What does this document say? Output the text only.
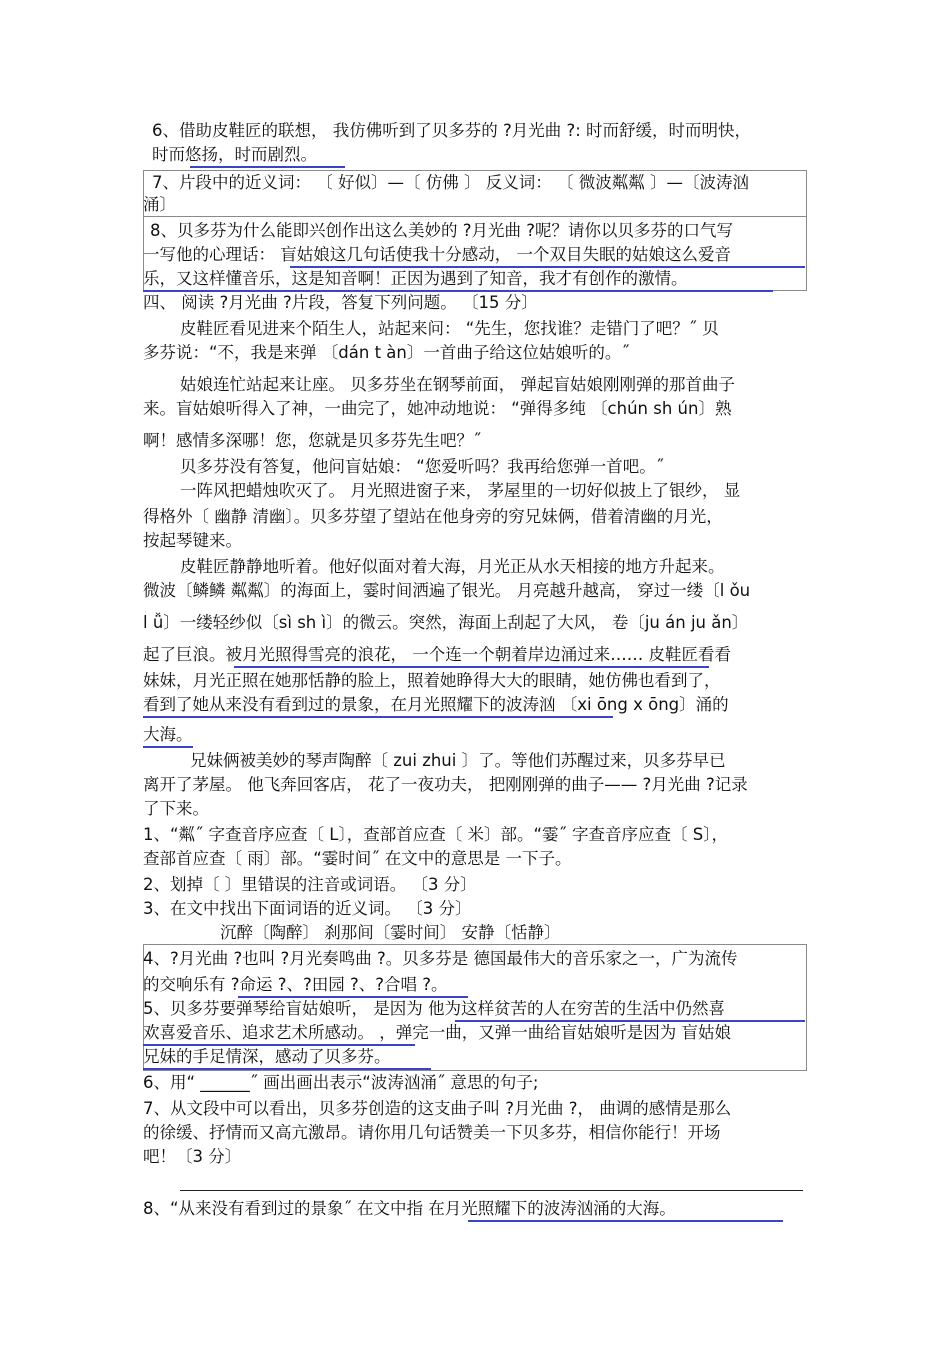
6、借助皮鞋匠的联想， 我仿佛听到了贝多芬的 ?月光曲 ?: 时而舒缓，时而明快，
时而悠扬，时而剧烈。
7、片段中的近义词： 〔 好似〕—〔 仿佛 〕 反义词： 〔 微波粼粼 〕—〔波涛汹
涌〕
8、贝多芬为什么能即兴创作出这么美妙的 ?月光曲 ?呢？请你以贝多芬的口气写
一写他的心理话： 盲姑娘这几句话使我十分感动， 一个双目失眠的姑娘这么爱音
乐，又这样懂音乐，这是知音啊！正因为遇到了知音，我才有创作的激情。
四、 阅读 ?月光曲 ?片段，答复下列问题。 〔15 分〕
皮鞋匠看见进来个陌生人，站起来问： “先生，您找谁？走错门了吧？˝ 贝
多芬说：“不，我是来弹 〔dán t àn〕一首曲子给这位姑娘听的。˝
姑娘连忙站起来让座。 贝多芬坐在钢琴前面， 弹起盲姑娘刚刚弹的那首曲子
来。盲姑娘听得入了神，一曲完了，她冲动地说： “弹得多纯 〔chún sh ún〕熟
啊！感情多深哪！您，您就是贝多芬先生吧？˝
贝多芬没有答复，他问盲姑娘： “您爱听吗？我再给您弹一首吧。˝
一阵风把蜡烛吹灭了。 月光照进窗子来， 茅屋里的一切好似披上了银纱， 显
得格外〔 幽静 清幽〕。贝多芬望了望站在他身旁的穷兄妹俩，借着清幽的月光，
按起琴键来。
皮鞋匠静静地听着。他好似面对着大海，月光正从水天相接的地方升起来。
微波〔鳞鳞 粼粼〕的海面上，霎时间洒遍了银光。 月亮越升越高， 穿过一缕〔l ǒu
l ǚ〕一缕轻纱似〔sì sh ì〕的微云。突然，海面上刮起了大风， 卷〔ju án ju ǎn〕
起了巨浪。被月光照得雪亮的浪花， 一个连一个朝着岸边涌过来…… 皮鞋匠看看
妹妹，月光正照在她那恬静的脸上，照着她睁得大大的眼睛，她仿佛也看到了，
看到了她从来没有看到过的景象，在月光照耀下的波涛汹 〔xi ōng x ōng〕涌的
大海。
兄妹俩被美妙的琴声陶醉〔 zui zhui 〕了。等他们苏醒过来，贝多芬早已
离开了茅屋。 他飞奔回客店， 花了一夜功夫， 把刚刚弹的曲子—— ?月光曲 ?记录
了下来。
1、“粼˝ 字查音序应查〔 L〕，查部首应查〔 米〕部。“霎˝ 字查音序应查〔 S〕，
查部首应查〔 雨〕部。“霎时间˝ 在文中的意思是 一下子。
2、划掉〔 〕里错误的注音或词语。 〔3 分〕
3、在文中找出下面词语的近义词。 〔3 分〕
沉醉〔陶醉〕 刹那间〔霎时间〕 安静〔恬静〕
4、?月光曲 ?也叫 ?月光奏鸣曲 ?。贝多芬是 德国最伟大的音乐家之一，广为流传
的交响乐有 ?命运 ?、?田园 ?、?合唱 ?。
5、贝多芬要弹琴给盲姑娘听， 是因为 他为这样贫苦的人在穷苦的生活中仍然喜
欢喜爱音乐、追求艺术所感动。 ，弹完一曲，又弹一曲给盲姑娘听是因为 盲姑娘
兄妹的手足情深，感动了贝多芬。
6、用“ ______˝ 画出画出表示“波涛汹涌˝ 意思的句子;
7、从文段中可以看出，贝多芬创造的这支曲子叫 ?月光曲 ?， 曲调的感情是那么
的徐缓、抒情而又高亢激昂。请你用几句话赞美一下贝多芬，相信你能行！开场
吧！〔3 分〕
8、“从来没有看到过的景象˝ 在文中指 在月光照耀下的波涛汹涌的大海。
